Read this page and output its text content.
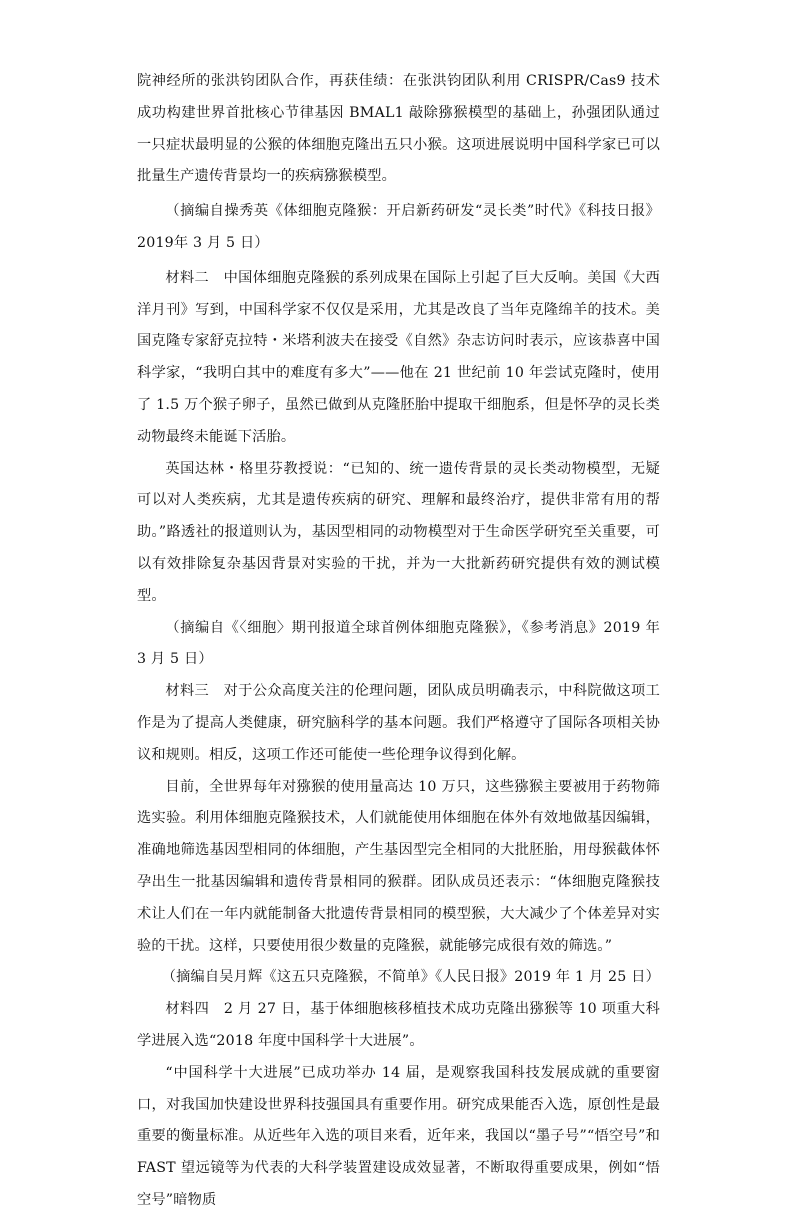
院神经所的张洪钧团队合作，再获佳绩：在张洪钧团队利用 CRISPR/Cas9 技术成功构建世界首批核心节律基因 BMAL1 敲除猕猴模型的基础上，孙强团队通过一只症状最明显的公猴的体细胞克隆出五只小猴。这项进展说明中国科学家已可以批量生产遗传背景均一的疾病猕猴模型。

（摘编自操秀英《体细胞克隆猴：开启新药研发“灵长类”时代》《科技日报》2019年 3 月 5 日）

材料二　中国体细胞克隆猴的系列成果在国际上引起了巨大反响。美国《大西洋月刊》写到，中国科学家不仅仅是采用，尤其是改良了当年克隆绵羊的技术。美国克隆专家舒克拉特・米塔利波夫在接受《自然》杂志访问时表示，应该恭喜中国科学家，“我明白其中的难度有多大”——他在 21 世纪前 10 年尝试克隆时，使用了 1.5 万个猴子卵子，虽然已做到从克隆胚胎中提取干细胞系，但是怀孕的灵长类动物最终未能诞下活胎。

英国达林・格里芬教授说：“已知的、统一遗传背景的灵长类动物模型，无疑可以对人类疾病，尤其是遗传疾病的研究、理解和最终治疗，提供非常有用的帮助。”路透社的报道则认为，基因型相同的动物模型对于生命医学研究至关重要，可以有效排除复杂基因背景对实验的干扰，并为一大批新药研究提供有效的测试模型。

（摘编自《〈细胞〉期刊报道全球首例体细胞克隆猴》，《参考消息》2019 年 3 月 5 日）

材料三　对于公众高度关注的伦理问题，团队成员明确表示，中科院做这项工作是为了提高人类健康，研究脑科学的基本问题。我们严格遵守了国际各项相关协议和规则。相反，这项工作还可能使一些伦理争议得到化解。

目前，全世界每年对猕猴的使用量高达 10 万只，这些猕猴主要被用于药物筛选实验。利用体细胞克隆猴技术，人们就能使用体细胞在体外有效地做基因编辑，准确地筛选基因型相同的体细胞，产生基因型完全相同的大批胚胎，用母猴截体怀孕出生一批基因编辑和遗传背景相同的猴群。团队成员还表示：“体细胞克隆猴技术让人们在一年内就能制备大批遗传背景相同的模型猴，大大减少了个体差异对实验的干扰。这样，只要使用很少数量的克隆猴，就能够完成很有效的筛选。”

（摘编自吴月辉《这五只克隆猴，不简单》《人民日报》2019 年 1 月 25 日）

材料四　2 月 27 日，基于体细胞核移植技术成功克隆出猕猴等 10 项重大科学进展入选“2018 年度中国科学十大进展”。

“中国科学十大进展”已成功举办 14 届，是观察我国科技发展成就的重要窗口，对我国加快建设世界科技强国具有重要作用。研究成果能否入选，原创性是最重要的衡量标准。从近些年入选的项目来看，近年来，我国以“墨子号”“悟空号”和 FAST 望远镜等为代表的大科学装置建设成效显著，不断取得重要成果，例如“悟空号”暗物质
